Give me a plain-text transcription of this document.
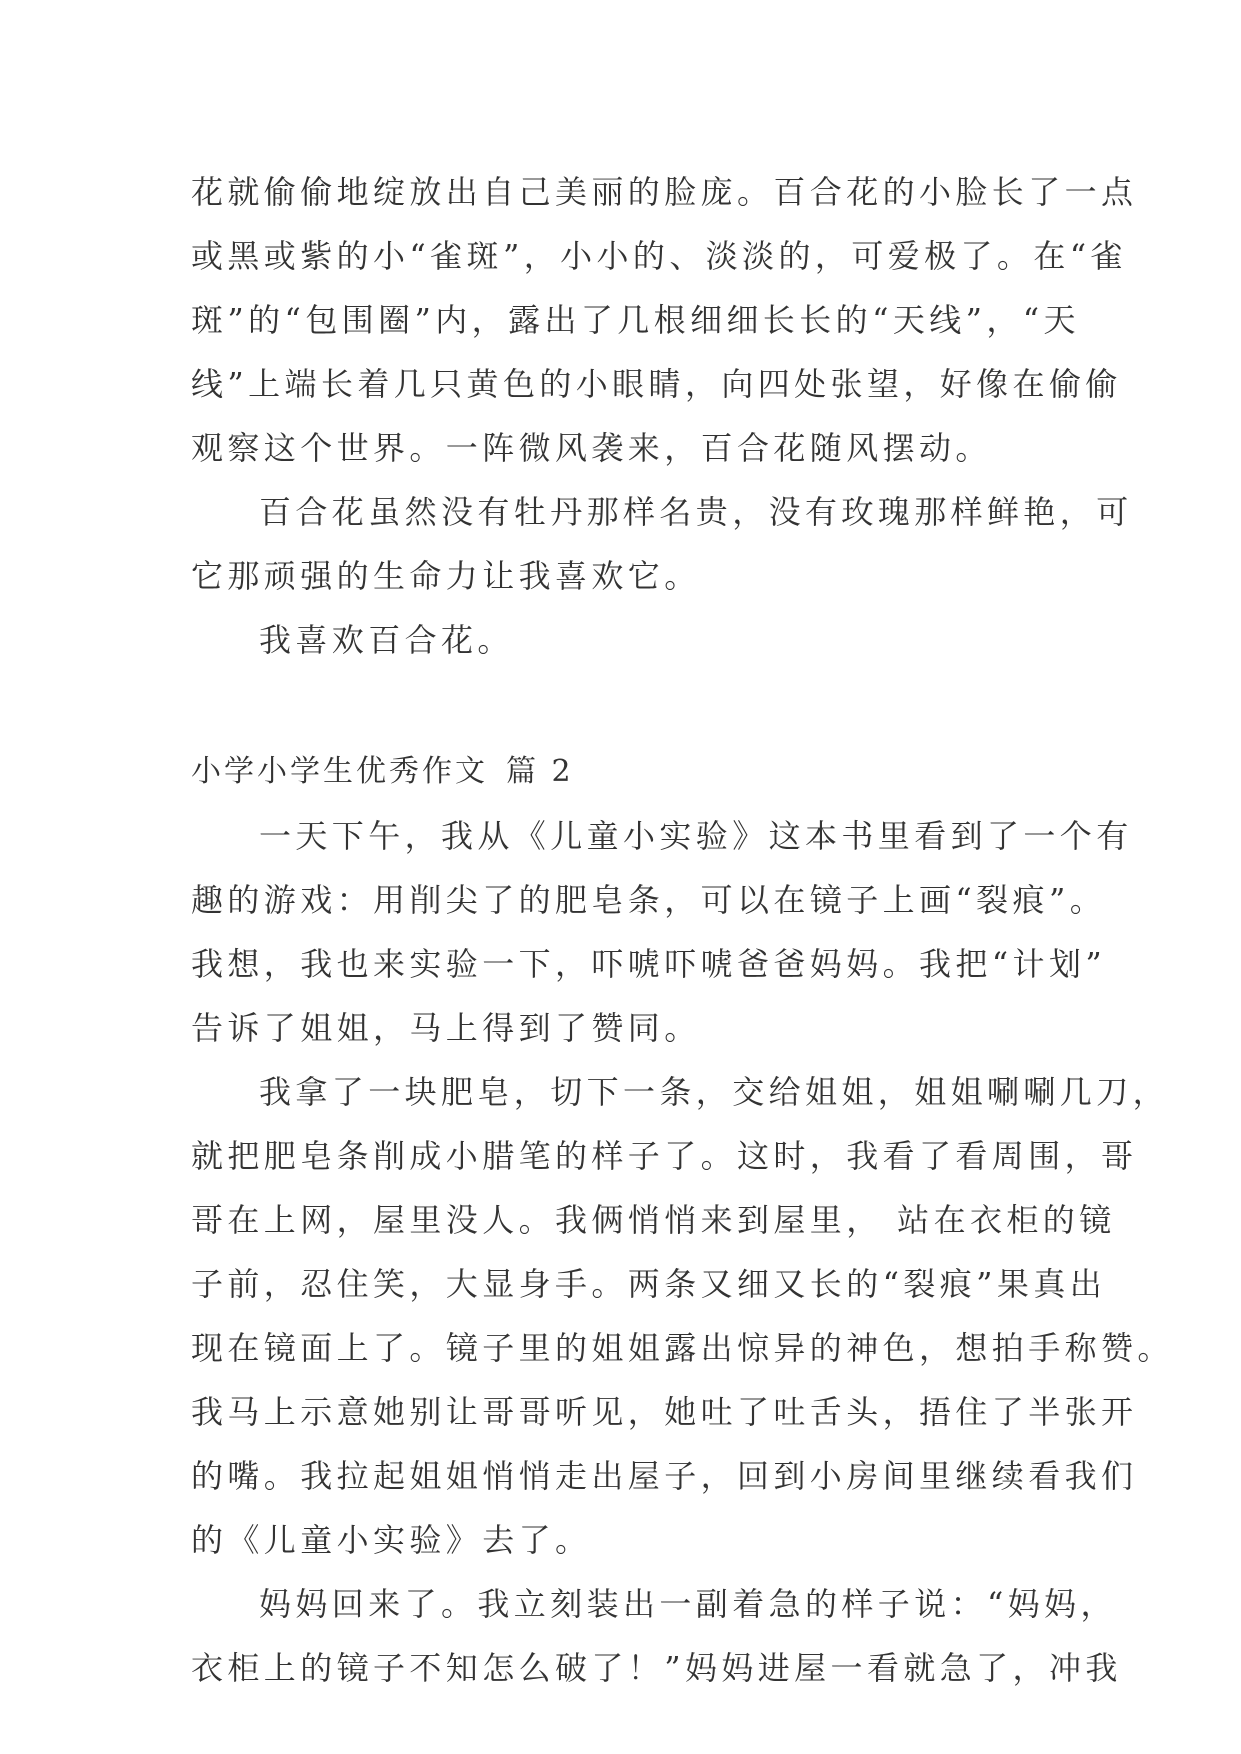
花就偷偷地绽放出自己美丽的脸庞。百合花的小脸长了一点
或黑或紫的小“雀斑”，小小的、淡淡的，可爱极了。在“雀
斑”的“包围圈”内，露出了几根细细长长的“天线”，“天
线”上端长着几只黄色的小眼睛，向四处张望，好像在偷偷
观察这个世界。一阵微风袭来，百合花随风摆动。
百合花虽然没有牡丹那样名贵，没有玫瑰那样鲜艳，可
它那顽强的生命力让我喜欢它。
我喜欢百合花。
小学小学生优秀作文 篇 2
一天下午，我从《儿童小实验》这本书里看到了一个有
趣的游戏：用削尖了的肥皂条，可以在镜子上画“裂痕”。
我想，我也来实验一下，吓唬吓唬爸爸妈妈。我把“计划”
告诉了姐姐，马上得到了赞同。
我拿了一块肥皂，切下一条，交给姐姐，姐姐唰唰几刀，
就把肥皂条削成小腊笔的样子了。这时，我看了看周围，哥
哥在上网，屋里没人。我俩悄悄来到屋里， 站在衣柜的镜
子前，忍住笑，大显身手。两条又细又长的“裂痕”果真出
现在镜面上了。镜子里的姐姐露出惊异的神色，想拍手称赞。
我马上示意她别让哥哥听见，她吐了吐舌头，捂住了半张开
的嘴。我拉起姐姐悄悄走出屋子，回到小房间里继续看我们
的《儿童小实验》去了。
妈妈回来了。我立刻装出一副着急的样子说：“妈妈，
衣柜上的镜子不知怎么破了！”妈妈进屋一看就急了，冲我
